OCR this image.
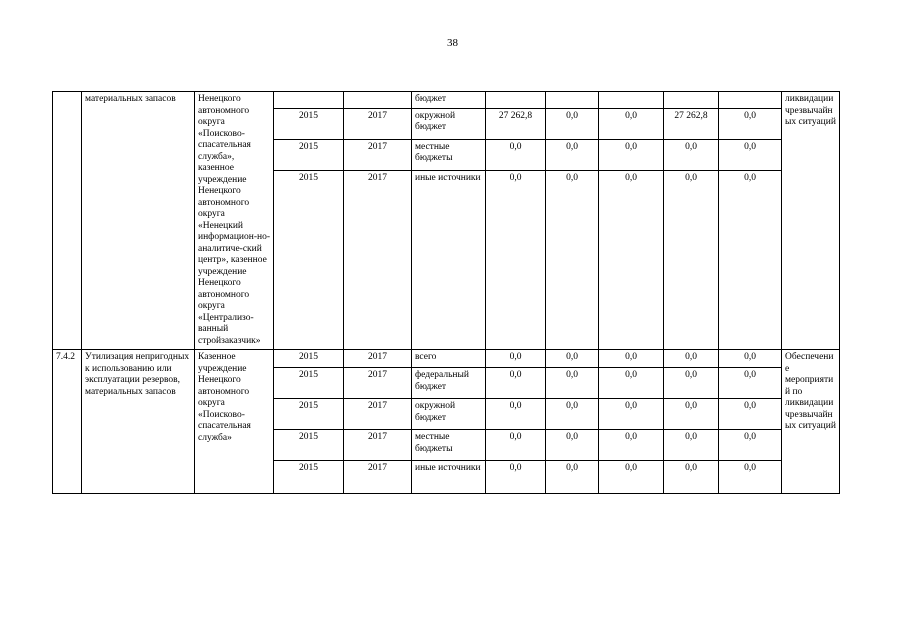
38

	материальных запасов	Ненецкого автономного округа «Поисково-спасательная служба», казенное учреждение Ненецкого автономного округа «Ненецкий информацион-но-аналитиче-ский центр», казенное учреждение Ненецкого автономного округа «Централизо-ванный стройзаказчик»			бюджет						ликвидации чрезвычайных ситуаций
			2015	2017	окружной бюджет	27 262,8	0,0	0,0	27 262,8	0,0	
			2015	2017	местные бюджеты	0,0	0,0	0,0	0,0	0,0	
			2015	2017	иные источники	0,0	0,0	0,0	0,0	0,0	
7.4.2	Утилизация непригодных к использованию или эксплуатации резервов, материальных запасов	Казенное учреждение Ненецкого автономного округа «Поисково-спасательная служба»	2015	2017	всего	0,0	0,0	0,0	0,0	0,0	Обеспечение мероприятий по ликвидации чрезвычайных ситуаций
			2015	2017	федеральный бюджет	0,0	0,0	0,0	0,0	0,0	
			2015	2017	окружной бюджет	0,0	0,0	0,0	0,0	0,0	
			2015	2017	местные бюджеты	0,0	0,0	0,0	0,0	0,0	
			2015	2017	иные источники	0,0	0,0	0,0	0,0	0,0	
